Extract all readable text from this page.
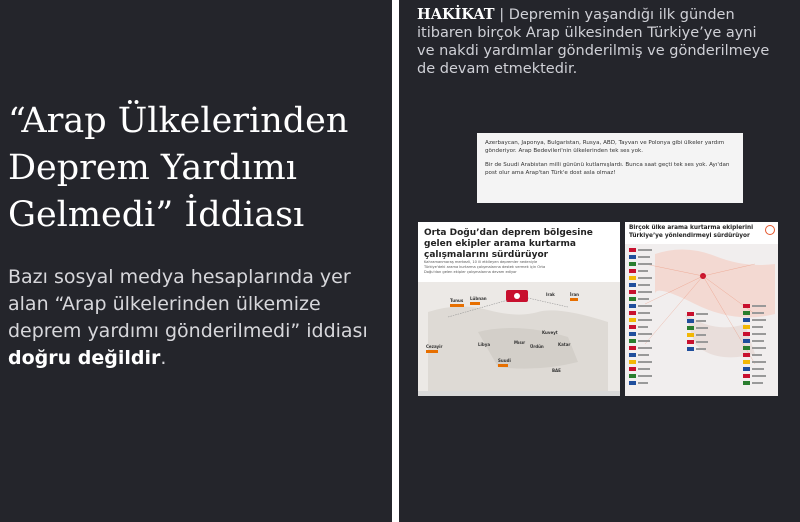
“Arap Ülkelerinden Deprem Yardımı Gelmedi” İddiası

Bazı sosyal medya hesaplarında yer alan “Arap ülkelerinden ülkemize deprem yardımı gönderilmedi” iddiası doğru değildir.

HAKİKAT | Depremin yaşandığı ilk günden itibaren birçok Arap ülkesinden Türkiye’ye ayni ve nakdi yardımlar gönderilmiş ve gönderilmeye de devam etmektedir.

Azerbaycan, Japonya, Bulgaristan, Rusya, ABD, Tayvan ve Polonya gibi ülkeler yardım gönderiyor. Arap Bedevileri'nin ülkelerinden tek ses yok.

Bir de Suudi Arabistan milli gününü kutlamışlardı. Bunca saat geçti tek ses yok. Ayı'dan post olur ama Arap'tan Türk'e dost asla olmaz!

Orta Doğu’dan deprem bölgesine gelen ekipler arama kurtarma çalışmalarını sürdürüyor

Kahramanmaraş merkezli, 10 ili etkileyen depremler nedeniyle Türkiye'deki arama kurtarma çalışmalarına destek vermek için Orta Doğu'dan gelen ekipler çalışmalarına devam ediyor

Tunus Lübnan
Irak	İran
Cezayir	Libya	Mısır
Ürdün
Suudi
Katar
Kuveyt
BAE

Birçok ülke arama kurtarma ekiplerini Türkiye’ye yönlendirmeyi sürdürüyor
